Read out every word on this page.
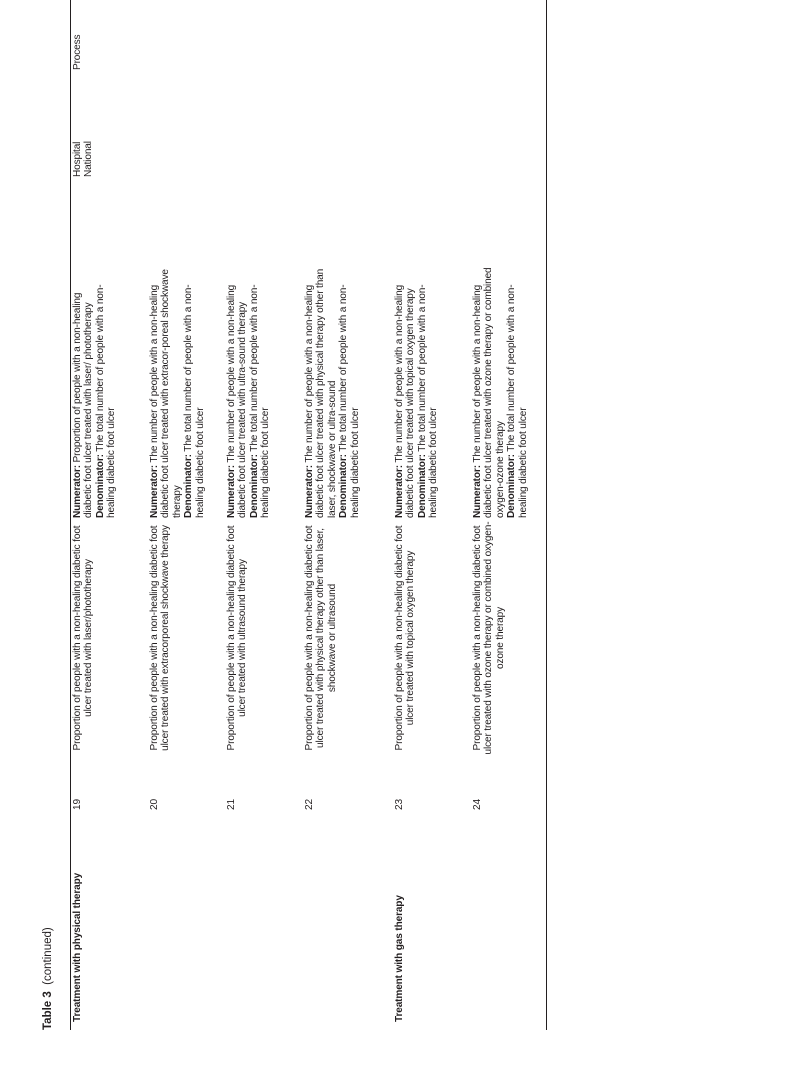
Table 3  (continued) Treatment with physical therapy	Treatment with gas therapy
19
Proportion of people with a non-healing diabetic foot ulcer treated with laser/phototherapy

Numerator: Proportion of people with a non-healing diabetic foot ulcer treated with laser/ phototherapy Denominator: The total number of people with a non-healing diabetic foot ulcer

Hospital National

Process
20
Proportion of people with a non-healing diabetic foot ulcer treated with extracorporeal shockwave therapy

Numerator: The number of people with a non-healing diabetic foot ulcer treated with extracor-poreal shockwave therapy Denominator: The total number of people with a non-healing diabetic foot ulcer

21
Proportion of people with a non-healing diabetic foot ulcer treated with ultrasound therapy

Numerator: The number of people with a non-healing diabetic foot ulcer treated with ultra-sound therapy Denominator: The total number of people with a non-healing diabetic foot ulcer

22
Proportion of people with a non-healing diabetic foot ulcer treated with physical therapy other than laser, shockwave or ultrasound

Numerator: The number of people with a non-healing diabetic foot ulcer treated with physical therapy other than laser, shockwave or ultra-sound Denominator: The total number of people with a non-healing diabetic foot ulcer

23
Proportion of people with a non-healing diabetic foot ulcer treated with topical oxygen therapy

Numerator: The number of people with a non-healing diabetic foot ulcer treated with topical oxygen therapy Denominator: The total number of people with a non-healing diabetic foot ulcer

24
Proportion of people with a non-healing diabetic foot ulcer treated with ozone therapy or combined oxygen-ozone therapy

Numerator: The number of people with a non-healing diabetic foot ulcer treated with ozone therapy or combined oxygen-ozone therapy Denominator: The total number of people with a non-healing diabetic foot ulcer
